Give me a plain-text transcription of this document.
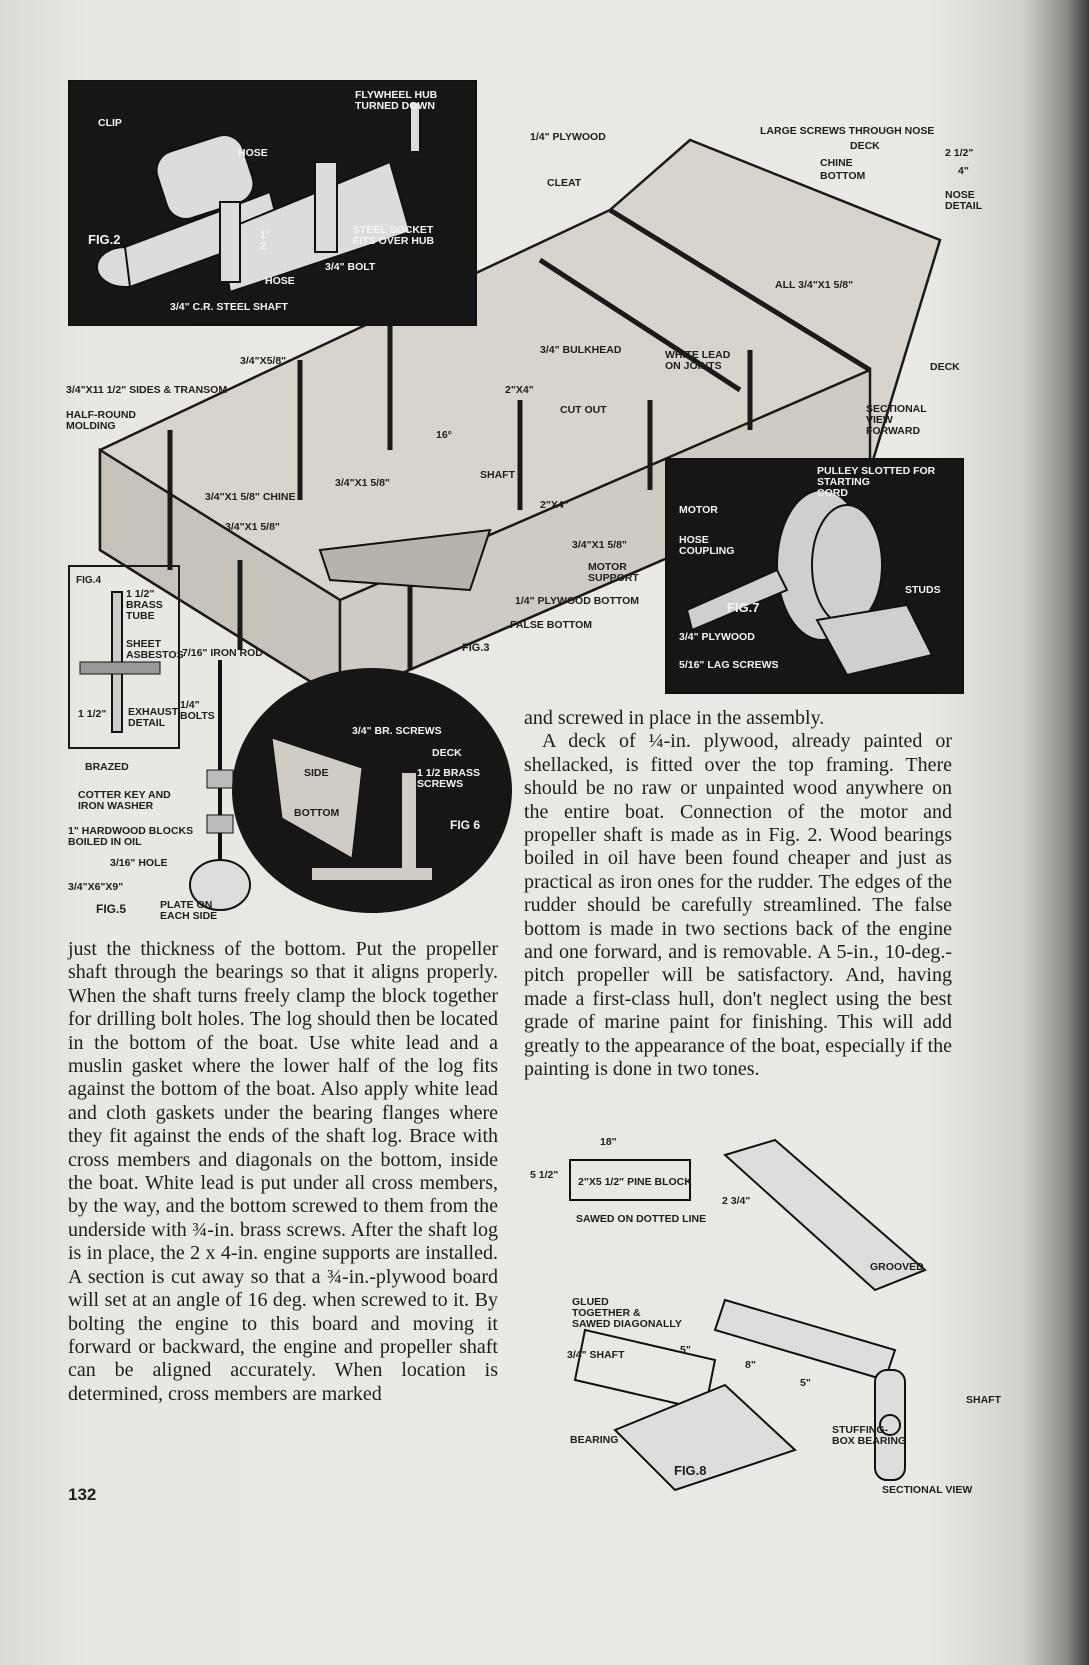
CLIP
FLYWHEEL HUB
TURNED DOWN
HOSE
1"
2
STEEL SOCKET
FITS OVER HUB
3/4" BOLT
HOSE
3/4" C.R. STEEL SHAFT
FIG.2
PULLEY SLOTTED FOR
STARTING
CORD
MOTOR
HOSE
COUPLING
STUDS
3/4" PLYWOOD
5/16" LAG SCREWS
FIG.7
FIG.4
1 1/2" BRASS
TUBE
SHEET
ASBESTOS
1 1/2" EXHAUST
DETAIL
3/4" BR. SCREWS
DECK
1 1/2 BRASS
SCREWS
SIDE
BOTTOM
FIG 6
1/4" PLYWOOD
CLEAT
LARGE SCREWS THROUGH NOSE
DECK
CHINE
BOTTOM
2 1/2"
4"
NOSE
DETAIL
3/4"X5/8"
3/4"X11 1/2" SIDES & TRANSOM
HALF-ROUND
MOLDING
3/4" BULKHEAD	WHITE LEAD
ON JOINTS
ALL 3/4"X1 5/8"
DECK
SECTIONAL
VIEW
FORWARD
2"X4"
CUT OUT
16°
SHAFT
2"X4"
3/4"X1 5/8" CHINE
3/4"X1 5/8"
3/4"X1 5/8"
3/4"X1 5/8"
MOTOR
SUPPORT
1/4" PLYWOOD BOTTOM
FALSE BOTTOM
FIG.3
7/16" IRON ROD
BRAZED
COTTER KEY AND
IRON WASHER
1" HARDWOOD BLOCKS
BOILED IN OIL
3/16" HOLE
3/4"X6"X9"
PLATE ON
EACH SIDE
1/4" BOLTS
FIG.5
18"
2"X5 1/2" PINE BLOCK
5 1/2"
2 3/4"
SAWED ON DOTTED LINE
GROOVED
GLUED
TOGETHER &
SAWED DIAGONALLY
3/4" SHAFT	5"
8"
5"
BEARING
STUFFING-
BOX BEARING
SHAFT
SECTIONAL VIEW
FIG.8

just the thickness of the bottom. Put the propeller shaft through the bearings so that it aligns properly. When the shaft turns freely clamp the block together for drilling bolt holes. The log should then be located in the bottom of the boat. Use white lead and a muslin gasket where the lower half of the log fits against the bottom of the boat. Also apply white lead and cloth gaskets under the bearing flanges where they fit against the ends of the shaft log. Brace with cross members and diagonals on the bottom, inside the boat. White lead is put under all cross members, by the way, and the bottom screwed to them from the underside with ¾-in. brass screws. After the shaft log is in place, the 2 x 4-in. engine supports are installed. A section is cut away so that a ¾-in.-plywood board will set at an angle of 16 deg. when screwed to it. By bolting the engine to this board and moving it forward or backward, the engine and propeller shaft can be aligned accurately. When location is determined, cross members are marked

and screwed in place in the assembly.

A deck of ¼-in. plywood, already painted or shellacked, is fitted over the top framing. There should be no raw or unpainted wood anywhere on the entire boat. Connection of the motor and propeller shaft is made as in Fig. 2. Wood bearings boiled in oil have been found cheaper and just as practical as iron ones for the rudder. The edges of the rudder should be carefully streamlined. The false bottom is made in two sections back of the engine and one forward, and is removable. A 5-in., 10-deg.-pitch propeller will be satisfactory. And, having made a first-class hull, don't neglect using the best grade of marine paint for finishing. This will add greatly to the appearance of the boat, especially if the painting is done in two tones.

132
